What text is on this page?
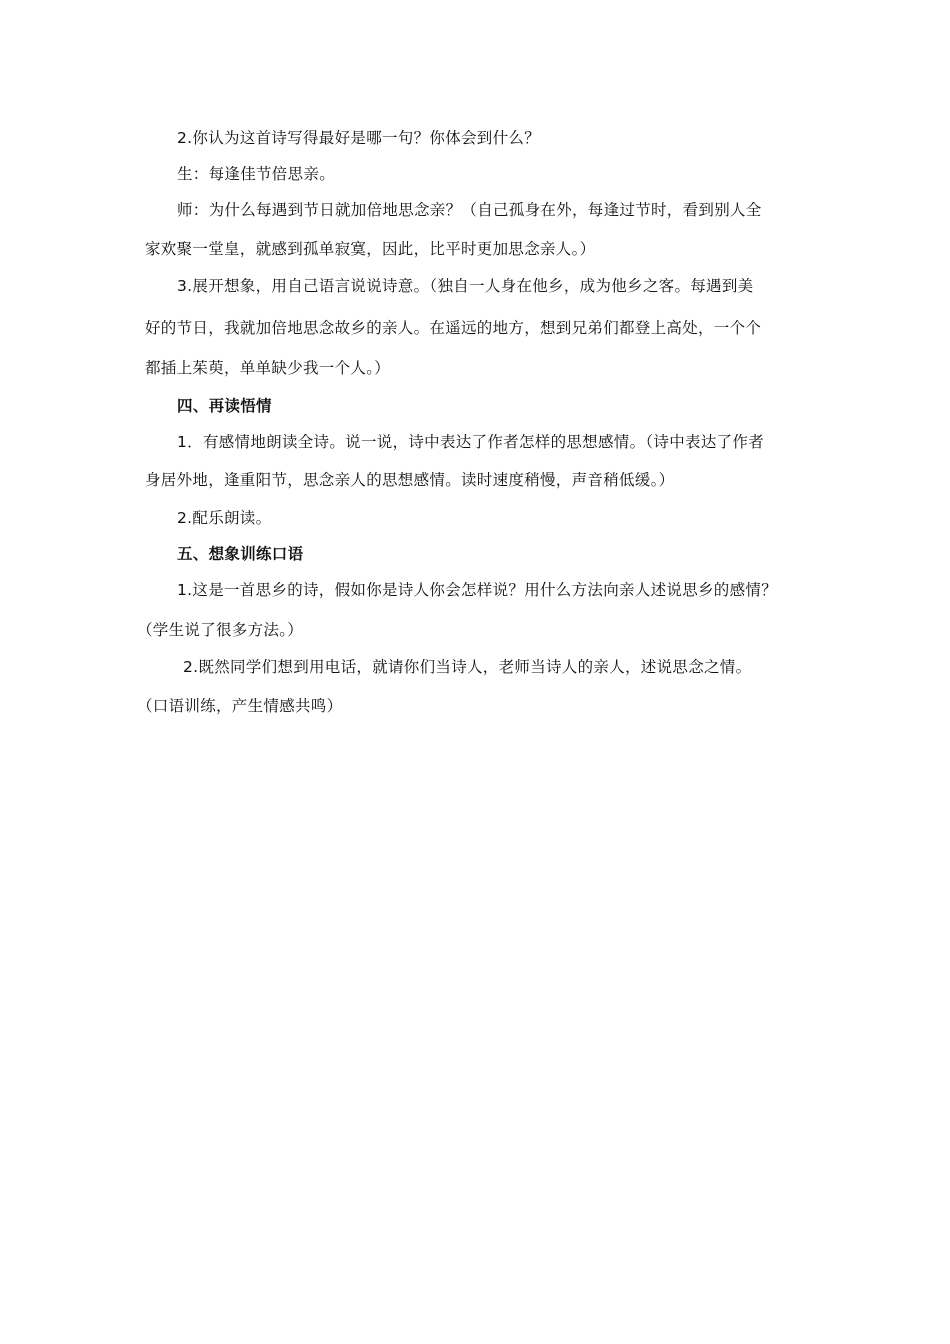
2.你认为这首诗写得最好是哪一句？你体会到什么？
生：每逢佳节倍思亲。
师：为什么每遇到节日就加倍地思念亲？（自己孤身在外，每逢过节时，看到别人全
家欢聚一堂皇，就感到孤单寂寞，因此，比平时更加思念亲人。）
3.展开想象，用自己语言说说诗意。（独自一人身在他乡，成为他乡之客。每遇到美
好的节日，我就加倍地思念故乡的亲人。在遥远的地方，想到兄弟们都登上高处，一个个
都插上茱萸，单单缺少我一个人。）
四、再读悟情
1．有感情地朗读全诗。说一说，诗中表达了作者怎样的思想感情。（诗中表达了作者
身居外地，逢重阳节，思念亲人的思想感情。读时速度稍慢，声音稍低缓。）
2.配乐朗读。
五、想象训练口语
1.这是一首思乡的诗，假如你是诗人你会怎样说？用什么方法向亲人述说思乡的感情？
（学生说了很多方法。）
2.既然同学们想到用电话，就请你们当诗人，老师当诗人的亲人，述说思念之情。
（口语训练，产生情感共鸣）
